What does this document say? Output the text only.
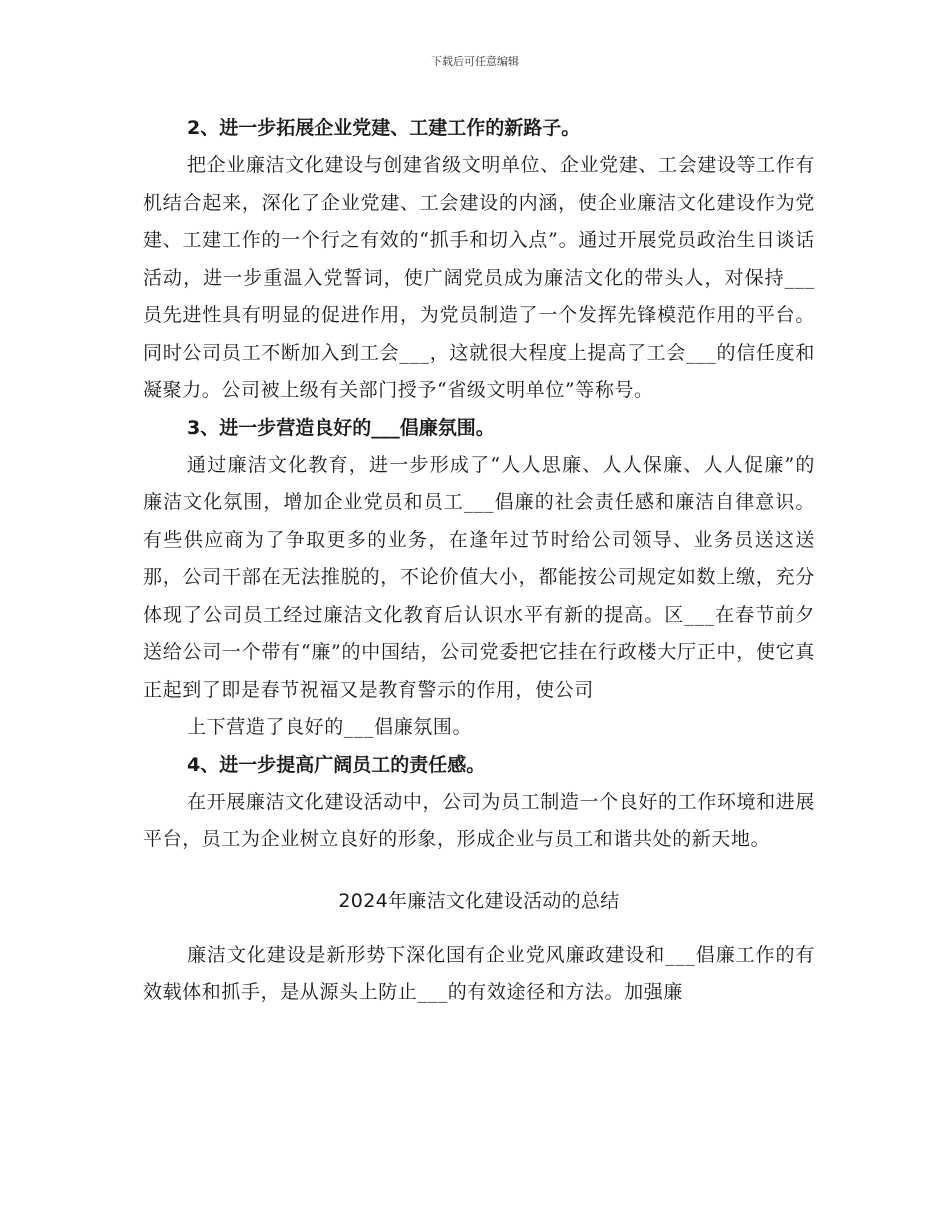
下载后可任意编辑

2、进一步拓展企业党建、工建工作的新路子。

把企业廉洁文化建设与创建省级文明单位、企业党建、工会建设等工作有机结合起来，深化了企业党建、工会建设的内涵，使企业廉洁文化建设作为党建、工建工作的一个行之有效的“抓手和切入点”。通过开展党员政治生日谈话活动，进一步重温入党誓词，使广阔党员成为廉洁文化的带头人，对保持___员先进性具有明显的促进作用，为党员制造了一个发挥先锋模范作用的平台。同时公司员工不断加入到工会___，这就很大程度上提高了工会___的信任度和凝聚力。公司被上级有关部门授予“省级文明单位”等称号。

3、进一步营造良好的___倡廉氛围。

通过廉洁文化教育，进一步形成了“人人思廉、人人保廉、人人促廉”的廉洁文化氛围，增加企业党员和员工___倡廉的社会责任感和廉洁自律意识。有些供应商为了争取更多的业务，在逢年过节时给公司领导、业务员送这送那，公司干部在无法推脱的，不论价值大小，都能按公司规定如数上缴，充分体现了公司员工经过廉洁文化教育后认识水平有新的提高。区___在春节前夕送给公司一个带有“廉”的中国结，公司党委把它挂在行政楼大厅正中，使它真正起到了即是春节祝福又是教育警示的作用，使公司

上下营造了良好的___倡廉氛围。

4、进一步提高广阔员工的责任感。

在开展廉洁文化建设活动中，公司为员工制造一个良好的工作环境和进展平台，员工为企业树立良好的形象，形成企业与员工和谐共处的新天地。

2024年廉洁文化建设活动的总结

廉洁文化建设是新形势下深化国有企业党风廉政建设和___倡廉工作的有效载体和抓手，是从源头上防止___的有效途径和方法。加强廉
